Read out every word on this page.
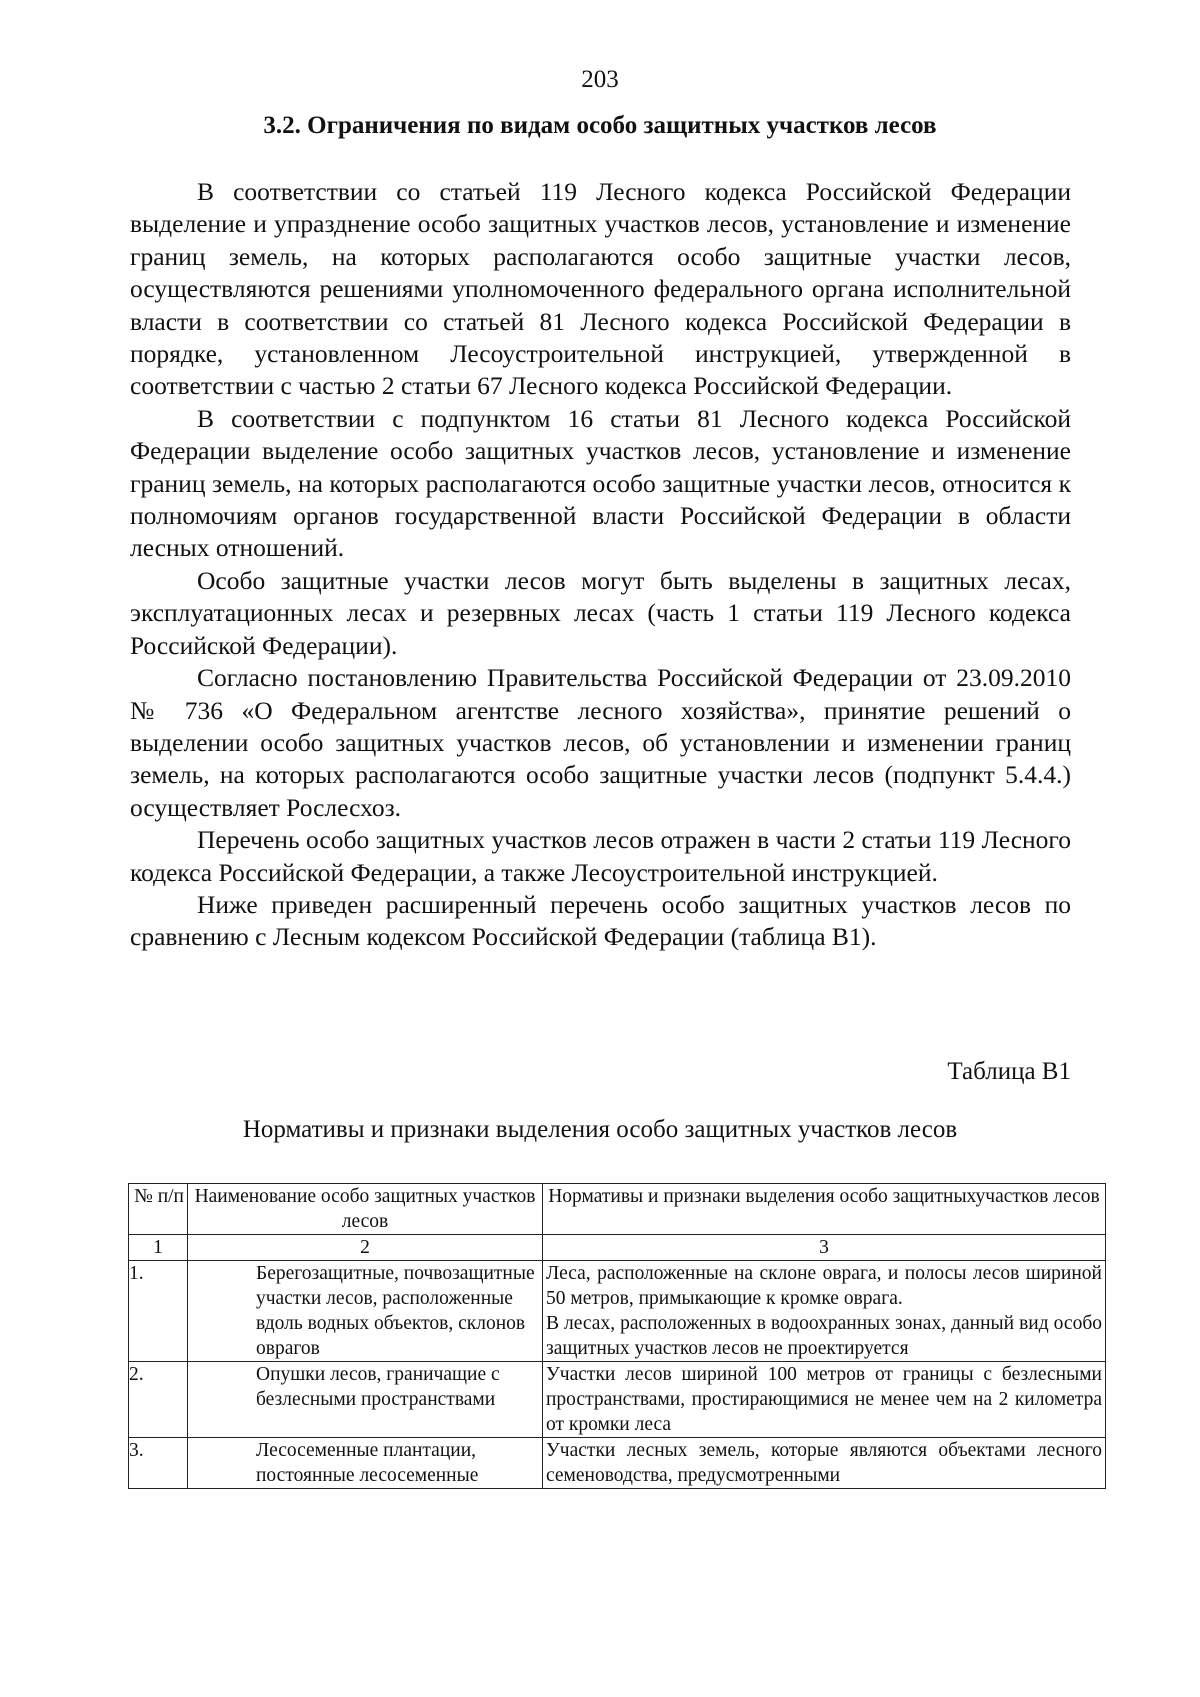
203
3.2. Ограничения по видам особо защитных участков лесов

В соответствии со статьей 119 Лесного кодекса Российской Федерации выделение и упразднение особо защитных участков лесов, установление и изменение границ земель, на которых располагаются особо защитные участки лесов, осуществляются решениями уполномоченного федерального органа исполнительной власти в соответствии со статьей 81 Лесного кодекса Российской Федерации в порядке, установленном Лесоустроительной инструкцией, утвержденной в соответствии с частью 2 статьи 67 Лесного кодекса Российской Федерации.

В соответствии с подпунктом 16 статьи 81 Лесного кодекса Российской Федерации выделение особо защитных участков лесов, установление и изменение границ земель, на которых располагаются особо защитные участки лесов, относится к полномочиям органов государственной власти Российской Федерации в области лесных отношений.

Особо защитные участки лесов могут быть выделены в защитных лесах, эксплуатационных лесах и резервных лесах (часть 1 статьи 119 Лесного кодекса Российской Федерации).

Согласно постановлению Правительства Российской Федерации от 23.09.2010 № 736 «О Федеральном агентстве лесного хозяйства», принятие решений о выделении особо защитных участков лесов, об установлении и изменении границ земель, на которых располагаются особо защитные участки лесов (подпункт 5.4.4.) осуществляет Рослесхоз.

Перечень особо защитных участков лесов отражен в части 2 статьи 119 Лесного кодекса Российской Федерации, а также Лесоустроительной инструкцией.

Ниже приведен расширенный перечень особо защитных участков лесов по сравнению с Лесным кодексом Российской Федерации (таблица В1).

Таблица В1
Нормативы и признаки выделения особо защитных участков лесов
№ п/п	Наименование особо защитных участков лесов	Нормативы и признаки выделения особо защитныхучастков лесов
1	2	3
1.	Берегозащитные, почвозащитные участки лесов, расположенные вдоль водных объектов, склонов оврагов	Леса, расположенные на склоне оврага, и полосы лесов шириной 50 метров, примыкающие к кромке оврага.
В лесах, расположенных в водоохранных зонах, данный вид особо защитных участков лесов не проектируется

2.	Опушки лесов, граничащие с безлесными пространствами	Участки лесов шириной 100 метров от границы с безлесными пространствами, простирающимися не менее чем на 2 километра от кромки леса

3.	Лесосеменные плантации, постоянные лесосеменные	Участки лесных земель, которые являются объектами лесного семеноводства, предусмотренными
